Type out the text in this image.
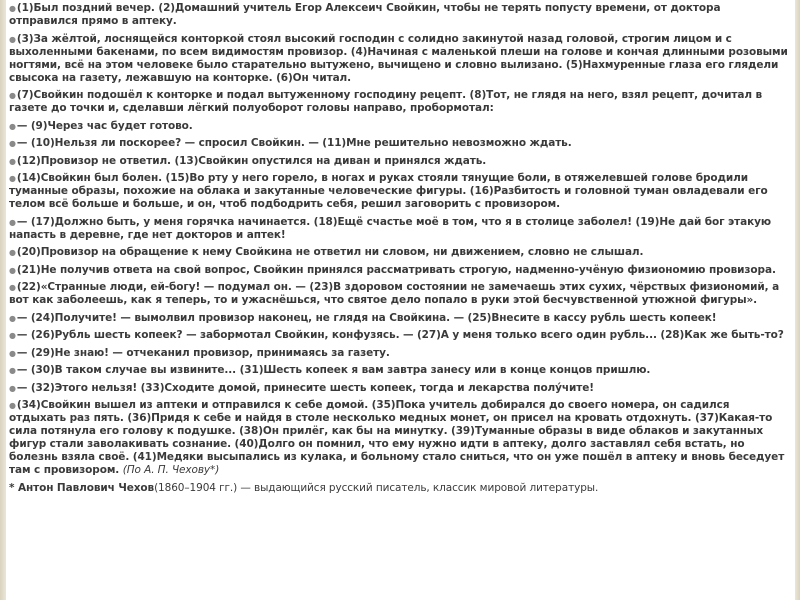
●(1)Был поздний вечер. (2)Домашний учитель Егор Алексеич Свойкин, чтобы не терять попусту времени, от доктора отправился прямо в аптеку.

●(3)За жёлтой, лоснящейся конторкой стоял высокий господин с солидно закинутой назад головой, строгим лицом и с выхоленными бакенами, по всем видимостям провизор. (4)Начиная с маленькой плеши на голове и кончая длинными розовыми ногтями, всё на этом человеке было старательно вытужено, вычищено и словно вылизано. (5)Нахмуренные глаза его глядели свысока на газету, лежавшую на конторке. (6)Он читал.

●(7)Свойкин подошёл к конторке и подал вытуженному господину рецепт. (8)Тот, не глядя на него, взял рецепт, дочитал в газете до точки и, сделавши лёгкий полуоборот головы направо, пробормотал:

●— (9)Через час будет готово.

●— (10)Нельзя ли поскорее? — спросил Свойкин. — (11)Мне решительно невозможно ждать.

●(12)Провизор не ответил. (13)Свойкин опустился на диван и принялся ждать.

●(14)Свойкин был болен. (15)Во рту у него горело, в ногах и руках стояли тянущие боли, в отяжелевшей голове бродили туманные образы, похожие на облака и закутанные человеческие фигуры. (16)Разбитость и головной туман овладевали его телом всё больше и больше, и он, чтоб подбодрить себя, решил заговорить с провизором.

●— (17)Должно быть, у меня горячка начинается. (18)Ещё счастье моё в том, что я в столице заболел! (19)Не дай бог этакую напасть в деревне, где нет докторов и аптек!

●(20)Провизор на обращение к нему Свойкина не ответил ни словом, ни движением, словно не слышал.

●(21)Не получив ответа на свой вопрос, Свойкин принялся рассматривать строгую, надменно-учёную физиономию провизора.

●(22)«Странные люди, ей-богу! — подумал он. — (23)В здоровом состоянии не замечаешь этих сухих, чёрствых физиономий, а вот как заболеешь, как я теперь, то и ужаснёшься, что святое дело попало в руки этой бесчувственной утюжной фигуры».

●— (24)Получите! — вымолвил провизор наконец, не глядя на Свойкина. — (25)Внесите в кассу рубль шесть копеек!

●— (26)Рубль шесть копеек? — забормотал Свойкин, конфузясь. — (27)А у меня только всего один рубль... (28)Как же быть-то?

●— (29)Не знаю! — отчеканил провизор, принимаясь за газету.

●— (30)В таком случае вы извините... (31)Шесть копеек я вам завтра занесу или в конце концов пришлю.

●— (32)Этого нельзя! (33)Сходите домой, принесите шесть копеек, тогда и лекарства полу́чите!

●(34)Свойкин вышел из аптеки и отправился к себе домой. (35)Пока учитель добирался до своего номера, он садился отдыхать раз пять. (36)Придя к себе и найдя в столе несколько медных монет, он присел на кровать отдохнуть. (37)Какая-то сила потянула его голову к подушке. (38)Он прилёг, как бы на минутку. (39)Туманные образы в виде облаков и закутанных фигур стали заволакивать сознание. (40)Долго он помнил, что ему нужно идти в аптеку, долго заставлял себя встать, но болезнь взяла своё. (41)Медяки высыпались из кулака, и больному стало сниться, что он уже пошёл в аптеку и вновь беседует там с провизором. (По А. П. Чехову*)

* Антон Павлович Чехов(1860–1904 гг.) — выдающийся русский писатель, классик мировой литературы.
